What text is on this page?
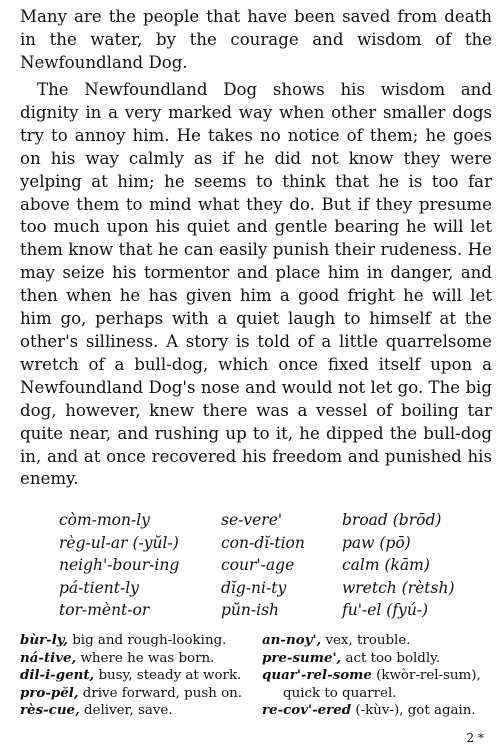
Many are the people that have been saved from death in the water, by the courage and wisdom of the Newfoundland Dog.

The Newfoundland Dog shows his wisdom and dignity in a very marked way when other smaller dogs try to annoy him. He takes no notice of them; he goes on his way calmly as if he did not know they were yelping at him; he seems to think that he is too far above them to mind what they do. But if they presume too much upon his quiet and gentle bearing he will let them know that he can easily punish their rudeness. He may seize his tormentor and place him in danger, and then when he has given him a good fright he will let him go, perhaps with a quiet laugh to himself at the other's silliness. A story is told of a little quarrelsome wretch of a bull-dog, which once fixed itself upon a Newfoundland Dog's nose and would not let go. The big dog, however, knew there was a vessel of boiling tar quite near, and rushing up to it, he dipped the bull-dog in, and at once recovered his freedom and punished his enemy.

còm-mon-ly
règ-ul-ar (-yŭl-)
neigh'-bour-ing
pá-tient-ly
tor-mènt-or
se-vere'
con-dĭ-tion
cour'-age
dĭg-ni-ty
pŭn-ish
broad (brōd)
paw (pō)
calm (kām)
wretch (rètsh)
fu'-el (fyú-)
bùr-ly, big and rough-looking.
ná-tive, where he was born.
dil-i-gent, busy, steady at work.
pro-pĕl, drive forward, push on.
rès-cue, deliver, save.
an-noy', vex, trouble.
pre-sume', act too boldly.
quar'-rel-some (kwòr-rel-sum),
quick to quarrel.
re-cov'-ered (-kùv-), got again.
2 *
